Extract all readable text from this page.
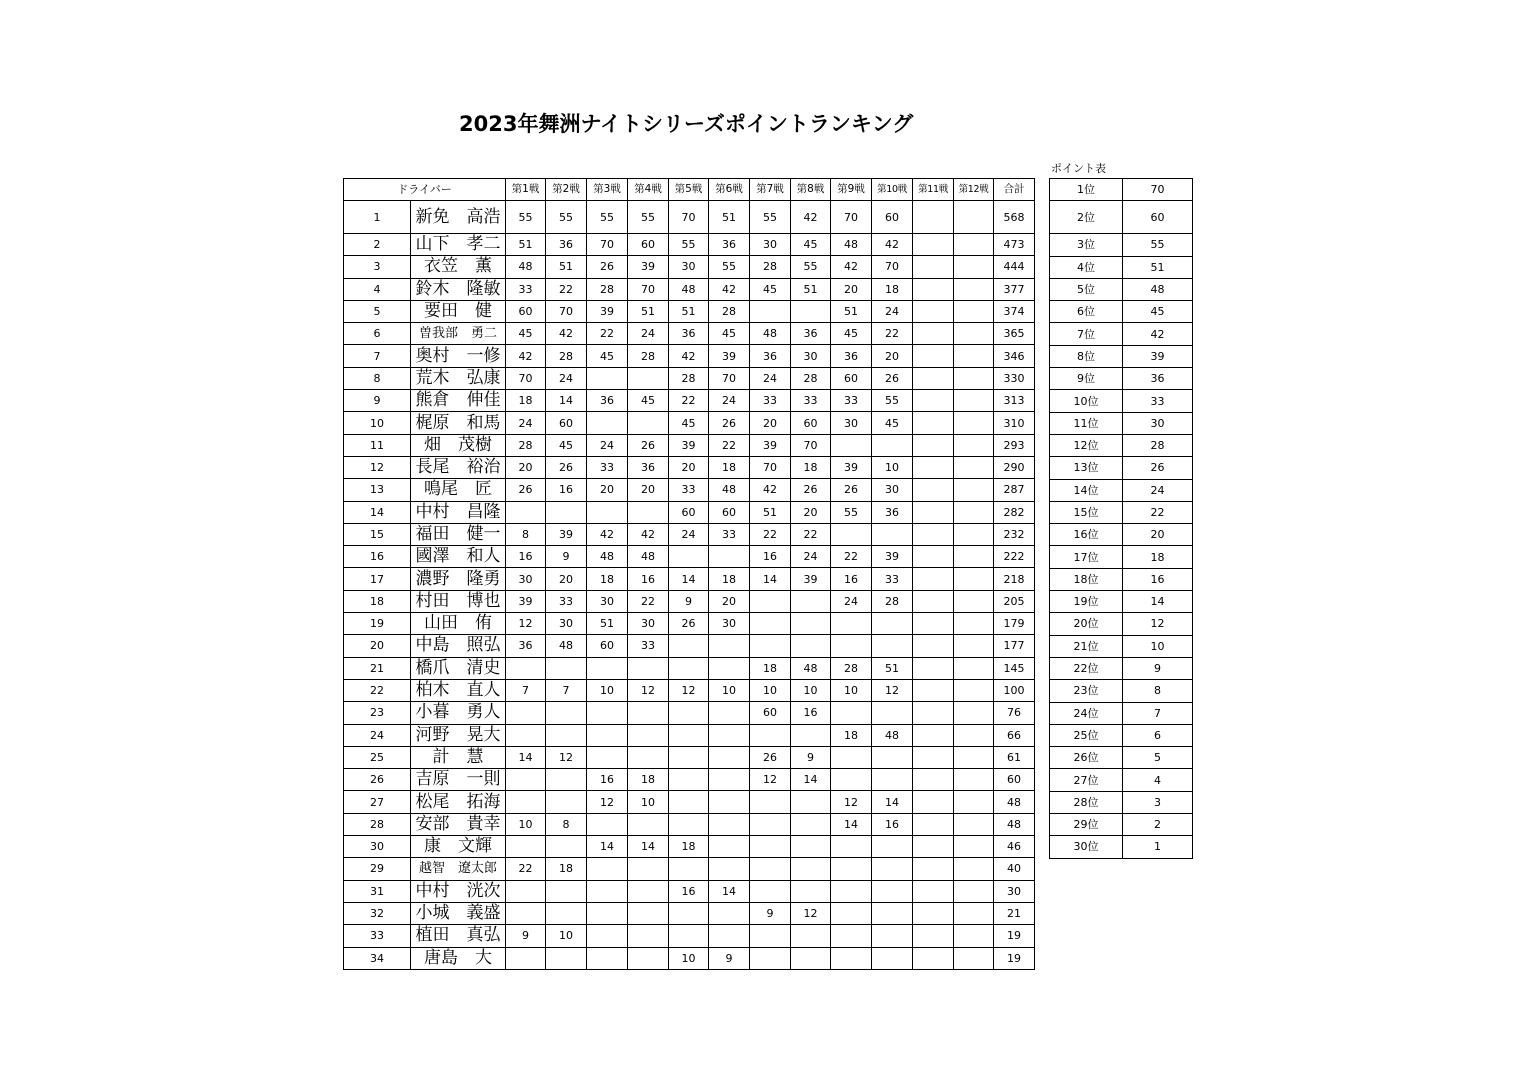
2023年舞洲ナイトシリーズポイントランキング
ポイント表
ドライバー		第1戦	第2戦	第3戦	第4戦	第5戦	第6戦	第7戦	第8戦	第9戦	第10戦	第11戦	第12戦	合計
1	新免　高浩	55	55	55	55	70	51	55	42	70	60			568
2	山下　孝二	51	36	70	60	55	36	30	45	48	42			473
3	衣笠　薫	48	51	26	39	30	55	28	55	42	70			444
4	鈴木　隆敏	33	22	28	70	48	42	45	51	20	18			377
5	要田　健	60	70	39	51	51	28			51	24			374
6	曽我部　勇二	45	42	22	24	36	45	48	36	45	22			365
7	奥村　一修	42	28	45	28	42	39	36	30	36	20			346
8	荒木　弘康	70	24			28	70	24	28	60	26			330
9	熊倉　伸佳	18	14	36	45	22	24	33	33	33	55			313
10	梶原　和馬	24	60			45	26	20	60	30	45			310
11	畑　茂樹	28	45	24	26	39	22	39	70					293
12	長尾　裕治	20	26	33	36	20	18	70	18	39	10			290
13	鳴尾　匠	26	16	20	20	33	48	42	26	26	30			287
14	中村　昌隆					60	60	51	20	55	36			282
15	福田　健一	8	39	42	42	24	33	22	22					232
16	國澤　和人	16	9	48	48			16	24	22	39			222
17	濃野　隆勇	30	20	18	16	14	18	14	39	16	33			218
18	村田　博也	39	33	30	22	9	20			24	28			205
19	山田　侑	12	30	51	30	26	30							179
20	中島　照弘	36	48	60	33									177
21	橋爪　清史							18	48	28	51			145
22	柏木　直人	7	7	10	12	12	10	10	10	10	12			100
23	小暮　勇人							60	16					76
24	河野　晃大									18	48			66
25	計　慧	14	12					26	9					61
26	吉原　一則			16	18			12	14					60
27	松尾　拓海			12	10					12	14			48
28	安部　貴幸	10	8							14	16			48
30	康　文輝			14	14	18								46
29	越智　遼太郎	22	18											40
31	中村　洸次					16	14							30
32	小城　義盛							9	12					21
33	植田　真弘	9	10											19
34	唐島　大					10	9							19
1位	70
2位	60
3位	55
4位	51
5位	48
6位	45
7位	42
8位	39
9位	36
10位	33
11位	30
12位	28
13位	26
14位	24
15位	22
16位	20
17位	18
18位	16
19位	14
20位	12
21位	10
22位	9
23位	8
24位	7
25位	6
26位	5
27位	4
28位	3
29位	2
30位	1
